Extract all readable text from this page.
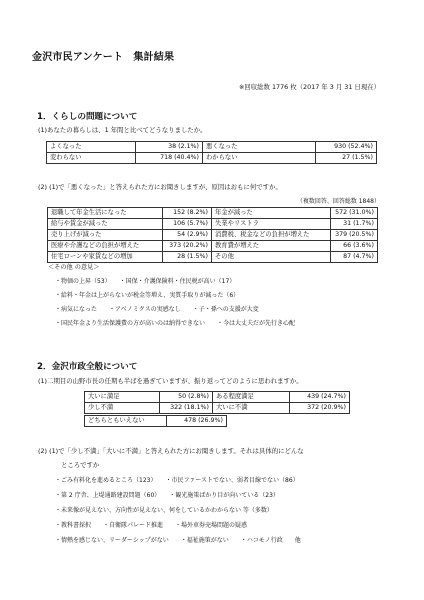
金沢市民アンケート　集計結果
※回収総数 1776 枚（2017 年 3 月 31 日現在）
1．くらしの問題について
(1)あなたの暮らしは、1 年間と比べてどうなりましたか。
よくなった	38 (2.1%)	悪くなった	930 (52.4%)
変わらない	718 (40.4%)	わからない	27 (1.5%)
(2) (1)で「悪くなった」と答えられた方にお聞きしますが、原因はおもに何ですか。
（複数回答、回答総数 1848）
退職して年金生活になった	152 (8.2%)	年金が減った	572 (31.0%)
給与や賃金が減った	106 (5.7%)	失業やリストラ	31 (1.7%)
売り上げが減った	54 (2.9%)	消費税、税金などの負担が増えた	379 (20.5%)
医療や介護などの負担が増えた	373 (20.2%)	教育費が増えた	66 (3.6%)
住宅ローンや家賃などの増加	28 (1.5%)	その他	87 (4.7%)
＜その他 の意見＞
・物価の上昇（53）　　・国保・介護保険料・住民税が高い（17）
・給料・年金は上がらないが税金等増え、実質手取りが減った（6）
・病気になった　　・アベノミクスの実感なし　　・子・孫への支援が大変
・国民年金より生活保護費の方が高いのは納得できない　　・今は大丈夫だが先行き心配
2．金沢市政全般について
(1)二期目の山野市長の任期も半ばを過ぎていますが、振り返ってどのように思われますか。
大いに満足	50 (2.8%)	ある程度満足	439 (24.7%)
少し不満	322 (18.1%)	大いに不満	372 (20.9%)
どちらともいえない	478 (26.9%)
(2) (1)で「少し不満」「大いに不満」と答えられた方にお聞きします。それは具体的にどんな
ところですか
・ごみ有料化を進めるところ（123）　　・市民ファーストでない、弱者目線でない（86）
・第 2 庁舎、上堤通路建設問題（60）　　・観光施策ばかり目が向いている（23）
・未来像が見えない、方向性が見えない、何をしているかわからない 等（多数）
・教科書採択　　・自衛隊パレード推進　　・場外車券売場問題の疑惑
・情熱を感じない、リーダーシップがない　　・福祉施策がない　　・ハコモノ行政　　他
